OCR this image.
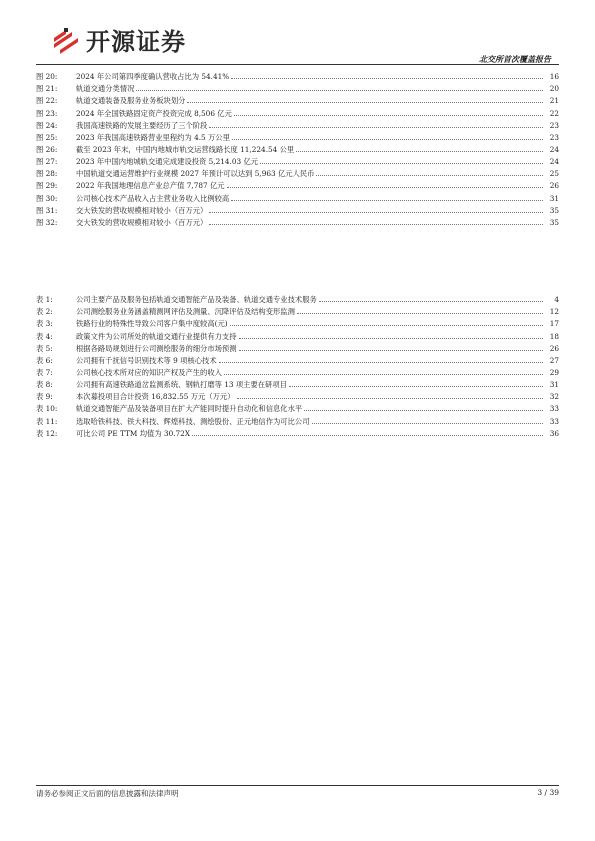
开源证券
北交所首次覆盖报告
图 20:	2024 年公司第四季度确认营收占比为 54.41%	16
图 21:	轨道交通分类情况	20
图 22:	轨道交通装备及服务业务板块划分	21
图 23:	2024 年全国铁路固定资产投资完成 8,506 亿元	22
图 24:	我国高速铁路的发展主要经历了三个阶段	23
图 25:	2023 年我国高速铁路营业里程约为 4.5 万公里	23
图 26:	截至 2023 年末，中国内地城市轨交运营线路长度 11,224.54 公里	24
图 27:	2023 年中国内地城轨交通完成建设投资 5,214.03 亿元	24
图 28:	中国轨道交通运营维护行业规模 2027 年预计可以达到 5,963 亿元人民币	25
图 29:	2022 年我国地理信息产业总产值 7,787 亿元	26
图 30:	公司核心技术产品收入占主营业务收入比例较高	31
图 31:	交大铁发的营收规模相对较小（百万元）	35
图 32:	交大铁发的营收规模相对较小（百万元）	35
表 1:	公司主要产品及服务包括轨道交通智能产品及装备、轨道交通专业技术服务	4
表 2:	公司测绘服务业务涵盖精测网评估及测量、沉降评估及结构变形监测	12
表 3:	铁路行业的特殊性导致公司客户集中度较高(元)	17
表 4:	政策文件为公司所处的轨道交通行业提供有力支持	18
表 5:	根据各路局规划进行公司测绘服务的细分市场预测	26
表 6:	公司拥有千抚信号识别技术等 9 项核心技术	27
表 7:	公司核心技术所对应的知识产权及产生的收入	29
表 8:	公司拥有高速铁路道岔监测系统、钢轨打磨等 13 项主要在研项目	31
表 9:	本次募投项目合计投资 16,832.55 万元（万元）	32
表 10:	轨道交通智能产品及装备项目在扩大产能同时提升自动化和信息化水平	33
表 11:	选取哈铁科技、铁大科技、辉煌科技、测绘股份、正元地信作为可比公司	33
表 12:	可比公司 PE TTM 均值为 30.72X	36
请务必参阅正文后面的信息披露和法律声明	3 / 39
